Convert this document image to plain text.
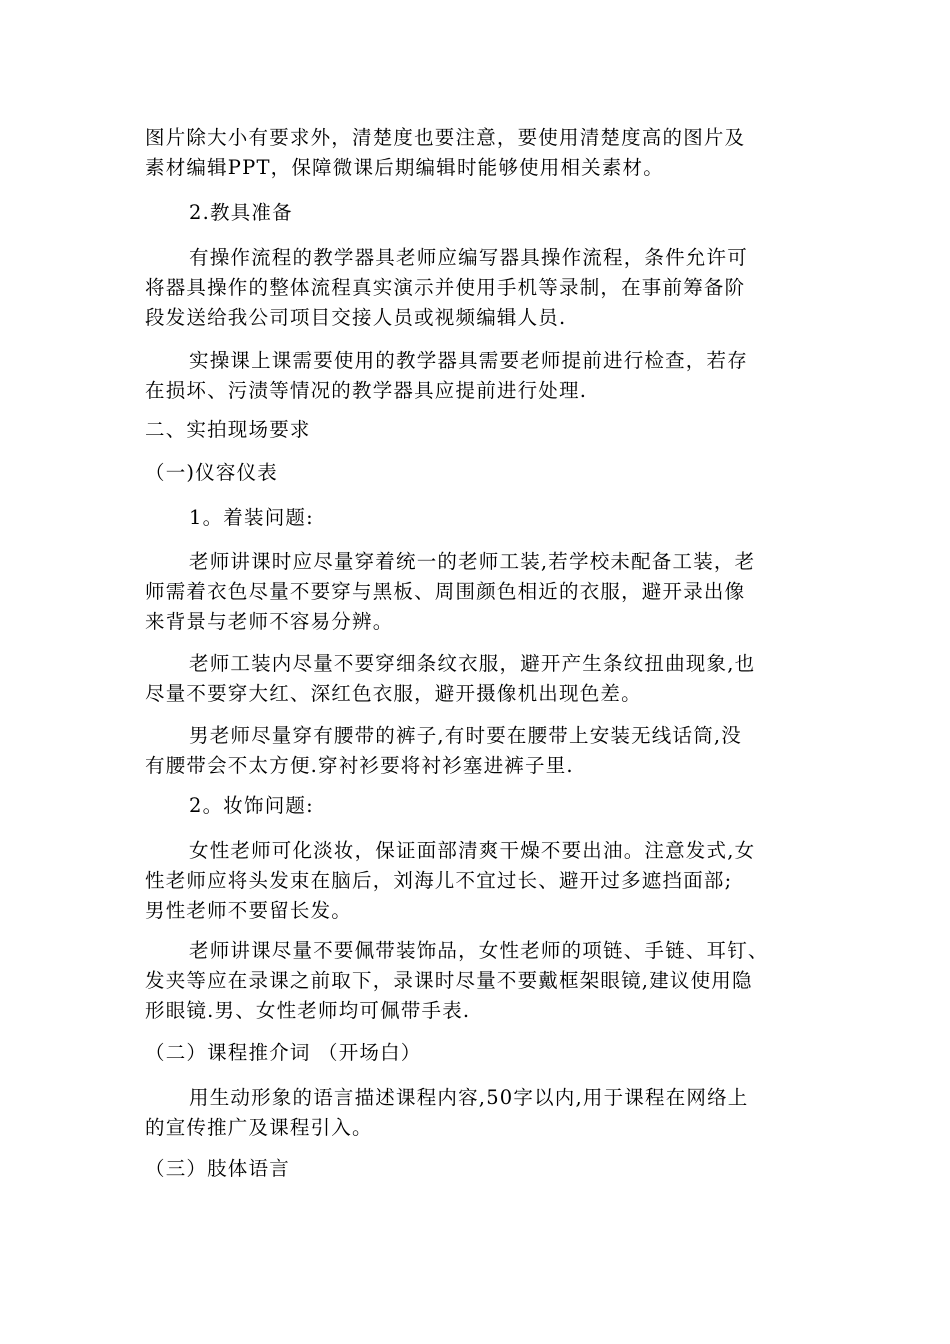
图片除大小有要求外，清楚度也要注意，要使用清楚度高的图片及
素材编辑PPT，保障微课后期编辑时能够使用相关素材。
2.教具准备
有操作流程的教学器具老师应编写器具操作流程，条件允许可
将器具操作的整体流程真实演示并使用手机等录制，在事前筹备阶
段发送给我公司项目交接人员或视频编辑人员.
实操课上课需要使用的教学器具需要老师提前进行检查，若存
在损坏、污渍等情况的教学器具应提前进行处理.
二、实拍现场要求
（一)仪容仪表
1。着装问题:
老师讲课时应尽量穿着统一的老师工装,若学校未配备工装，老
师需着衣色尽量不要穿与黑板、周围颜色相近的衣服，避开录出像
来背景与老师不容易分辨。
老师工装内尽量不要穿细条纹衣服，避开产生条纹扭曲现象,也
尽量不要穿大红、深红色衣服，避开摄像机出现色差。
男老师尽量穿有腰带的裤子,有时要在腰带上安装无线话筒,没
有腰带会不太方便.穿衬衫要将衬衫塞进裤子里.
2。妆饰问题:
女性老师可化淡妆，保证面部清爽干燥不要出油。注意发式,女
性老师应将头发束在脑后，刘海儿不宜过长、避开过多遮挡面部;
男性老师不要留长发。
老师讲课尽量不要佩带装饰品，女性老师的项链、手链、耳钉、
发夹等应在录课之前取下，录课时尽量不要戴框架眼镜,建议使用隐
形眼镜.男、女性老师均可佩带手表.
（二）课程推介词 （开场白）
用生动形象的语言描述课程内容,50字以内,用于课程在网络上
的宣传推广及课程引入。
（三）肢体语言
